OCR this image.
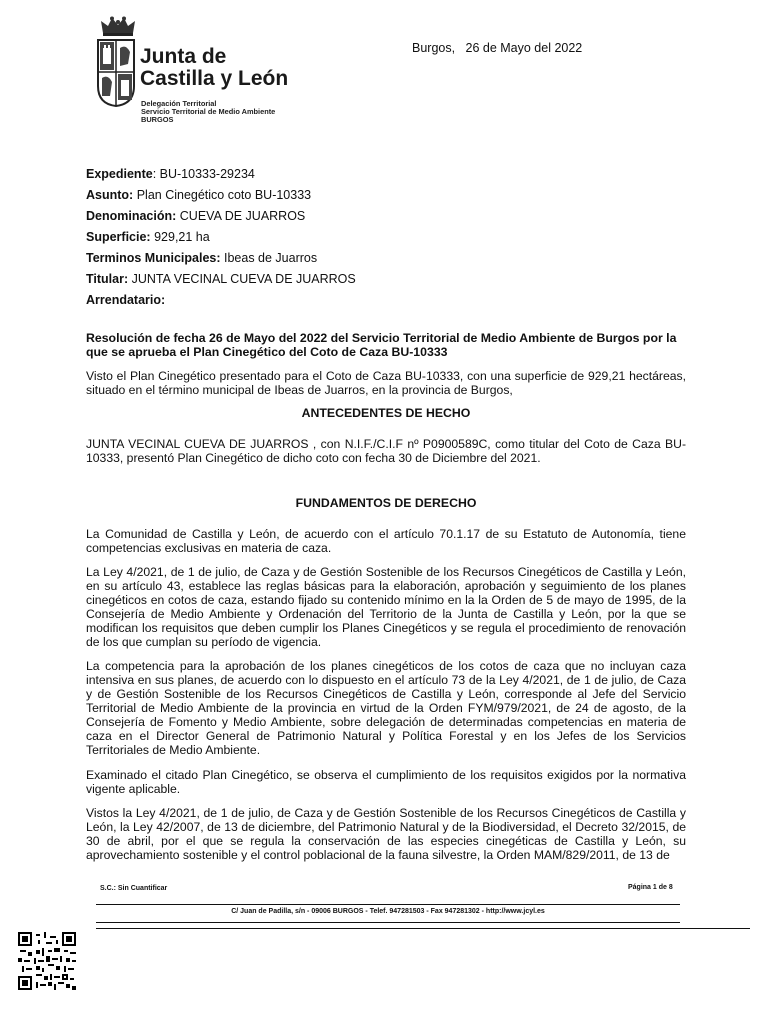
Junta de
Castilla y León
Delegación Territorial
Servicio Territorial de Medio Ambiente
BURGOS
Burgos,   26 de Mayo del 2022
Expediente: BU-10333-29234
Asunto: Plan Cinegético coto BU-10333
Denominación: CUEVA DE JUARROS
Superficie: 929,21 ha
Terminos Municipales: Ibeas de Juarros
Titular: JUNTA VECINAL CUEVA DE JUARROS
Arrendatario:
Resolución de fecha 26 de Mayo del 2022 del Servicio Territorial de Medio Ambiente de Burgos por la que se aprueba el Plan Cinegético del Coto de Caza BU-10333
Visto el Plan Cinegético presentado para el Coto de Caza BU-10333, con una superficie de 929,21 hectáreas, situado en el término municipal de Ibeas de Juarros, en la provincia de Burgos,
ANTECEDENTES DE HECHO
JUNTA VECINAL CUEVA DE JUARROS , con N.I.F./C.I.F nº P0900589C, como titular del Coto de Caza BU-10333, presentó Plan Cinegético de dicho coto con fecha 30 de Diciembre del 2021.
FUNDAMENTOS DE DERECHO
La Comunidad de Castilla y León, de acuerdo con el artículo 70.1.17 de su Estatuto de Autonomía, tiene competencias exclusivas en materia de caza.
La Ley 4/2021, de 1 de julio, de Caza y de Gestión Sostenible de los Recursos Cinegéticos de Castilla y León, en su artículo 43, establece las reglas básicas para la elaboración, aprobación y seguimiento de los planes cinegéticos en cotos de caza, estando fijado su contenido mínimo en la la Orden de 5 de mayo de 1995, de la Consejería de Medio Ambiente y Ordenación del Territorio de la Junta de Castilla y León, por la que se modifican los requisitos que deben cumplir los Planes Cinegéticos y se regula el procedimiento de renovación de los que cumplan su período de vigencia.
La competencia para la aprobación de los planes cinegéticos de los cotos de caza que no incluyan caza intensiva en sus planes, de acuerdo con lo dispuesto en el artículo 73 de la Ley 4/2021, de 1 de julio, de Caza y de Gestión Sostenible de los Recursos Cinegéticos de Castilla y León, corresponde al Jefe del Servicio Territorial de Medio Ambiente de la provincia en virtud de la Orden FYM/979/2021, de 24 de agosto, de la Consejería de Fomento y Medio Ambiente, sobre delegación de determinadas competencias en materia de caza en el Director General de Patrimonio Natural y Política Forestal y en los Jefes de los Servicios Territoriales de Medio Ambiente.
Examinado el citado Plan Cinegético, se observa el cumplimiento de los requisitos exigidos por la normativa vigente aplicable.
Vistos la Ley 4/2021, de 1 de julio, de Caza y de Gestión Sostenible de los Recursos Cinegéticos de Castilla y León, la Ley 42/2007, de 13 de diciembre, del Patrimonio Natural y de la Biodiversidad, el Decreto 32/2015, de 30 de abril, por el que se regula la conservación de las especies cinegéticas de Castilla y León, su aprovechamiento sostenible y el control poblacional de la fauna silvestre, la Orden MAM/829/2011, de 13 de
S.C.: Sin Cuantificar	Página 1 de 8
C/ Juan de Padilla, s/n - 09006 BURGOS - Telef. 947281503 - Fax 947281302 - http://www.jcyl.es
